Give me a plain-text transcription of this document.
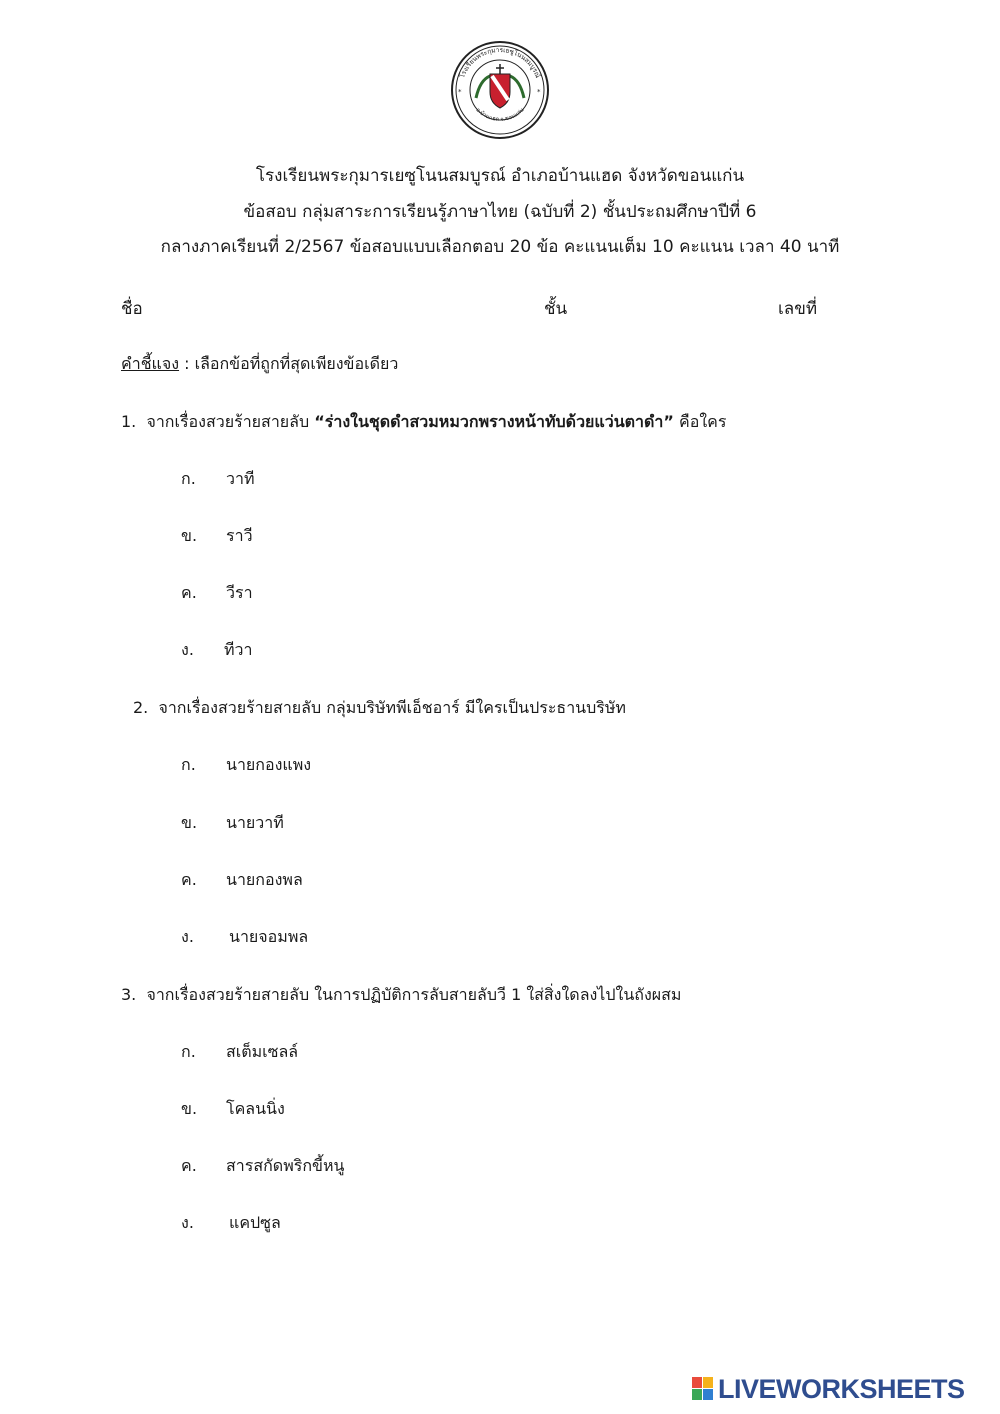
โรงเรียนพระกุมารเยซูโนนสมบูรณ์
อ.บ้านแฮด จ.ขอนแก่น
*	*
โรงเรียนพระกุมารเยซูโนนสมบูรณ์ อำเภอบ้านแฮด จังหวัดขอนแก่น
ข้อสอบ กลุ่มสาระการเรียนรู้ภาษาไทย (ฉบับที่ 2) ชั้นประถมศึกษาปีที่ 6
กลางภาคเรียนที่ 2/2567 ข้อสอบแบบเลือกตอบ 20 ข้อ คะแนนเต็ม 10 คะแนน เวลา 40 นาที
ชื่อ	ชั้น	เลขที่
คำชี้แจง : เลือกข้อที่ถูกที่สุดเพียงข้อเดียว
1. จากเรื่องสวยร้ายสายลับ “ร่างในชุดดำสวมหมวกพรางหน้าทับด้วยแว่นตาดำ” คือใคร
ก. วาที
ข. ราวี
ค. วีรา
ง. ทีวา
2. จากเรื่องสวยร้ายสายลับ กลุ่มบริษัทพีเอ็ชอาร์ มีใครเป็นประธานบริษัท
ก. นายกองแพง
ข. นายวาที
ค. นายกองพล
ง. นายจอมพล
3. จากเรื่องสวยร้ายสายลับ ในการปฏิบัติการลับสายลับวี 1 ใส่สิ่งใดลงไปในถังผสม
ก. สเต็มเซลล์
ข. โคลนนิ่ง
ค. สารสกัดพริกขี้หนู
ง. แคปซูล
LIVEWORKSHEETS
